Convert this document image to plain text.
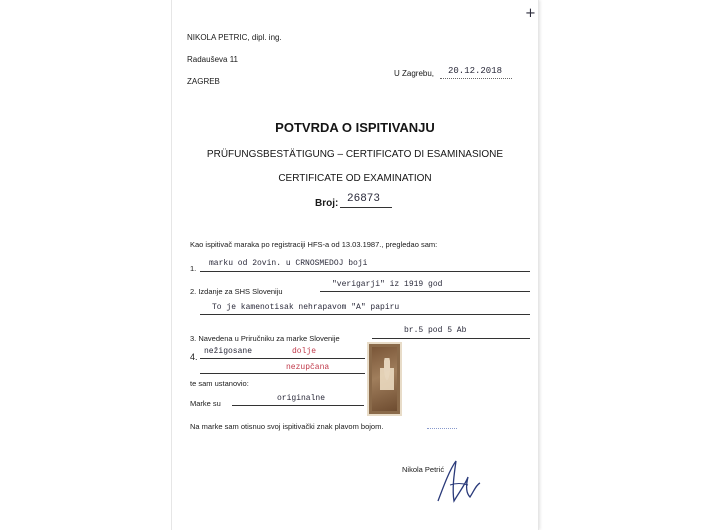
+
NIKOLA PETRIC, dipl. ing.
Radauševa 11
ZAGREB
U Zagrebu, 20.12.2018
POTVRDA O ISPITIVANJU
PRÜFUNGSBESTÄTIGUNG – CERTIFICATO DI ESAMINASIONE
CERTIFICATE OD EXAMINATION
Broj: 26873
Kao ispitivač maraka po registraciji HFS-a od 13.03.1987., pregledao sam:
1.
marku od 2ovin. u CRNOSMEDOJ boji
2. Izdanje za SHS Sloveniju
"verigarji" iz 1919 god
To je kamenotisak nehrapavom "A" papiru
3. Navedena u Priručniku za marke Slovenije
br.5 pod 5 Ab
4.
nežigosane	dolje
nezupčana
te sam ustanovio:
Marke su
originalne
Na marke sam otisnuo svoj ispitivački znak plavom bojom.
Nikola Petrić
